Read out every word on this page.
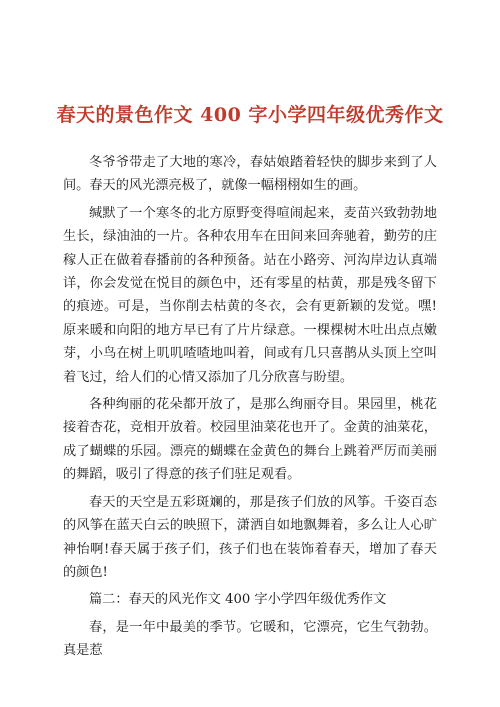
春天的景色作文 400 字小学四年级优秀作文

冬爷爷带走了大地的寒冷，春姑娘踏着轻快的脚步来到了人间。春天的风光漂亮极了，就像一幅栩栩如生的画。

缄默了一个寒冬的北方原野变得喧闹起来，麦苗兴致勃勃地生长，绿油油的一片。各种农用车在田间来回奔驰着，勤劳的庄稼人正在做着春播前的各种预备。站在小路旁、河沟岸边认真端详，你会发觉在悦目的颜色中，还有零星的枯黄，那是残冬留下的痕迹。可是，当你削去枯黄的冬衣，会有更新颖的发觉。嘿!原来暖和向阳的地方早已有了片片绿意。一棵棵树木吐出点点嫩芽，小鸟在树上叽叽喳喳地叫着，间或有几只喜鹊从头顶上空叫着飞过，给人们的心情又添加了几分欣喜与盼望。

各种绚丽的花朵都开放了，是那么绚丽夺目。果园里，桃花接着杏花，竞相开放着。校园里油菜花也开了。金黄的油菜花，成了蝴蝶的乐园。漂亮的蝴蝶在金黄色的舞台上跳着严厉而美丽的舞蹈，吸引了得意的孩子们驻足观看。

春天的天空是五彩斑斓的，那是孩子们放的风筝。千姿百态的风筝在蓝天白云的映照下，潇洒自如地飘舞着，多么让人心旷神怡啊!春天属于孩子们，孩子们也在装饰着春天，增加了春天的颜色!

篇二：春天的风光作文 400 字小学四年级优秀作文

春，是一年中最美的季节。它暖和，它漂亮，它生气勃勃。真是惹
